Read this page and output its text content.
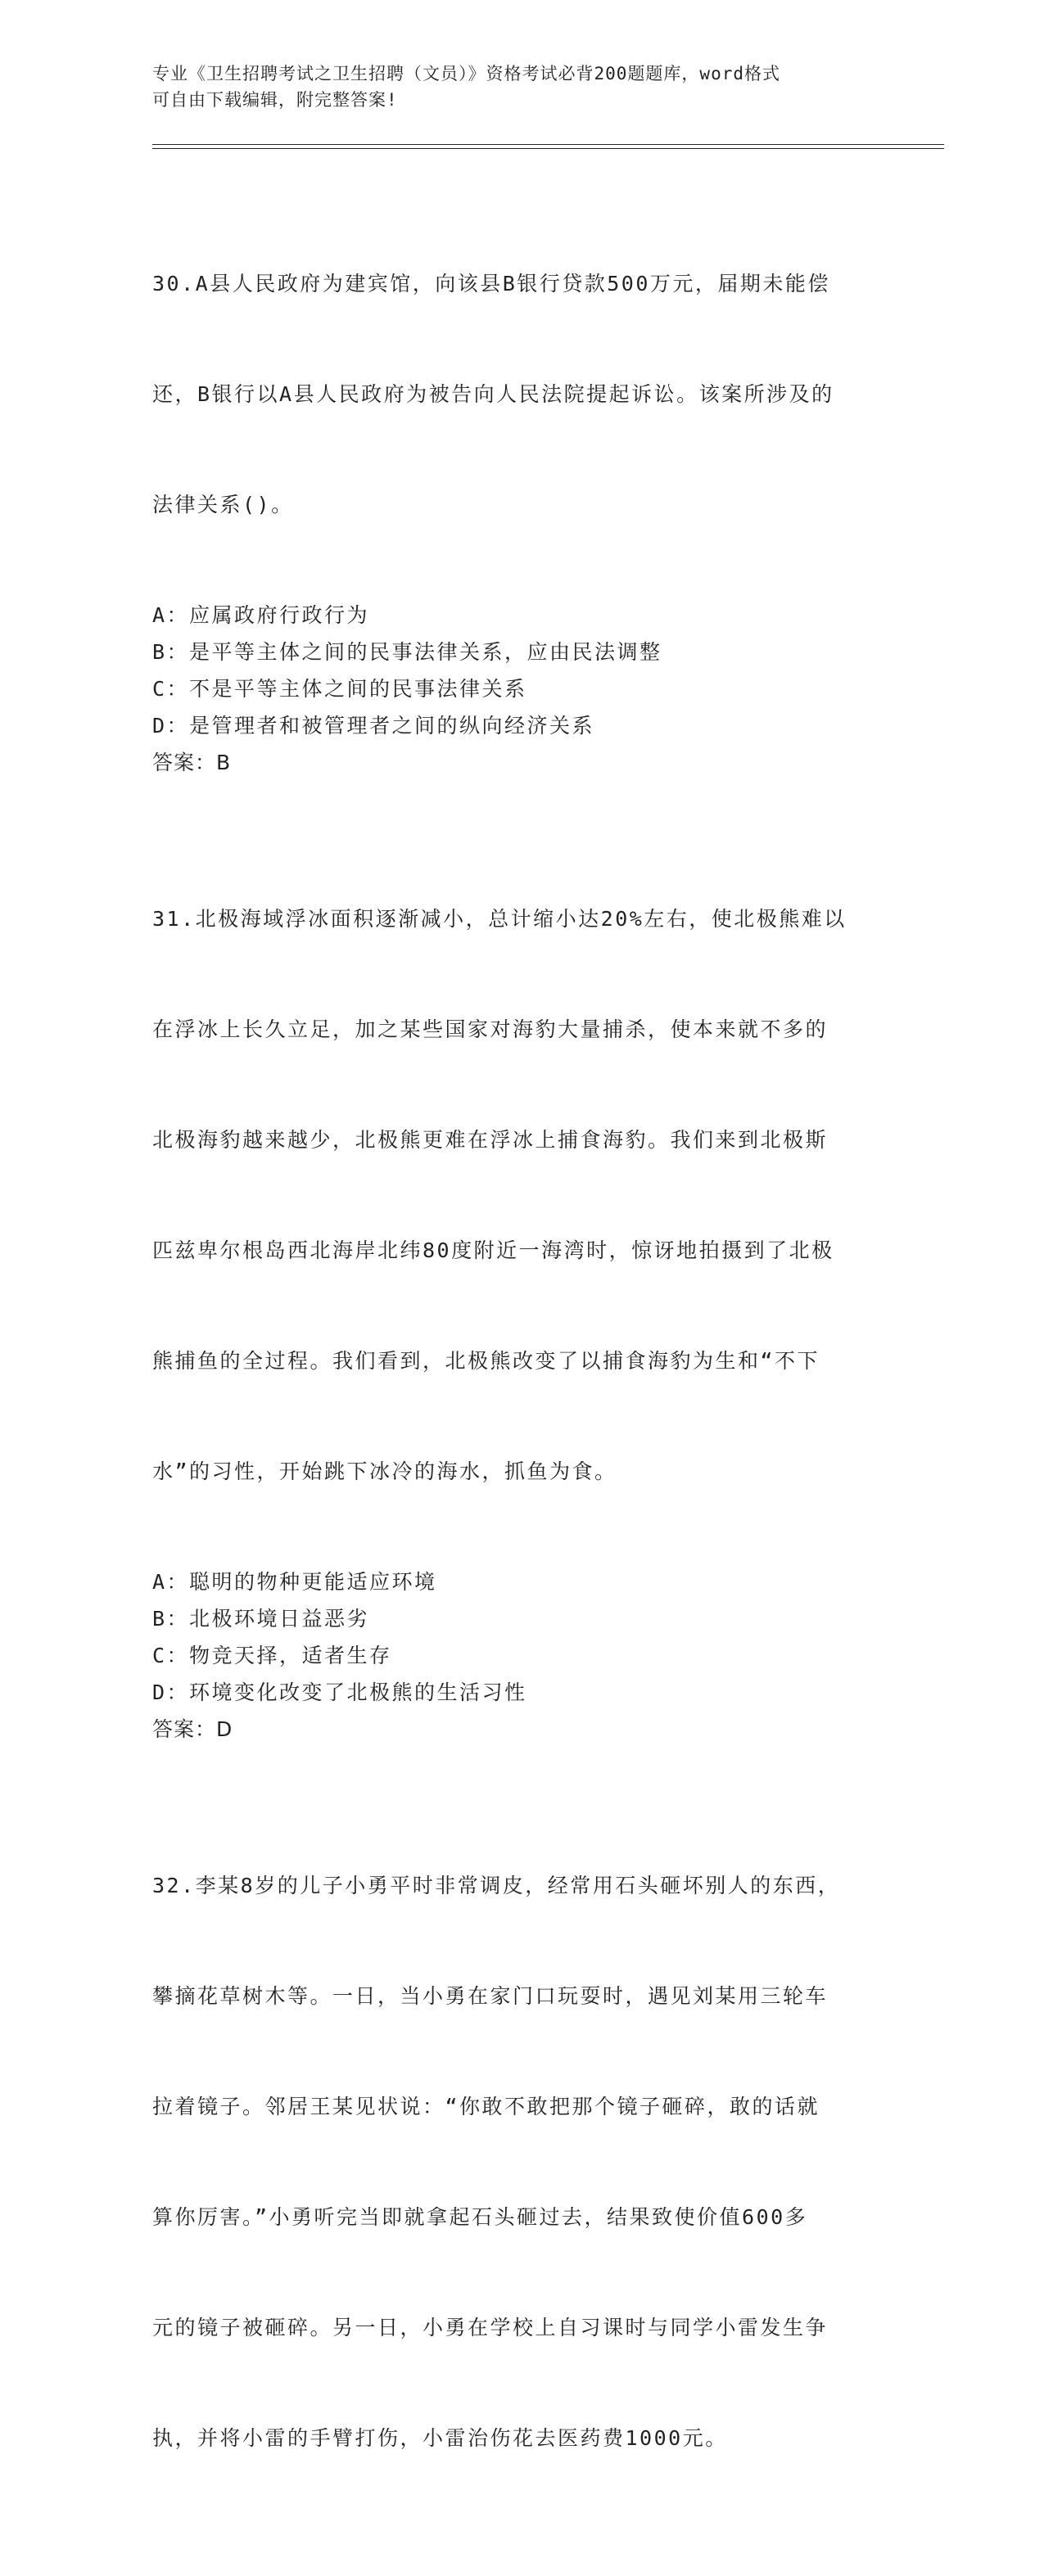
专业《卫生招聘考试之卫生招聘（文员）》资格考试必背200题题库，word格式
可自由下载编辑，附完整答案!

30.A县人民政府为建宾馆，向该县B银行贷款500万元，届期未能偿

还，B银行以A县人民政府为被告向人民法院提起诉讼。该案所涉及的

法律关系()。

A：应属政府行政行为
B：是平等主体之间的民事法律关系，应由民法调整
C：不是平等主体之间的民事法律关系
D：是管理者和被管理者之间的纵向经济关系
答案：B

31.北极海域浮冰面积逐渐减小，总计缩小达20%左右，使北极熊难以

在浮冰上长久立足，加之某些国家对海豹大量捕杀，使本来就不多的

北极海豹越来越少，北极熊更难在浮冰上捕食海豹。我们来到北极斯

匹兹卑尔根岛西北海岸北纬80度附近一海湾时，惊讶地拍摄到了北极

熊捕鱼的全过程。我们看到，北极熊改变了以捕食海豹为生和“不下

水”的习性，开始跳下冰冷的海水，抓鱼为食。

A：聪明的物种更能适应环境
B：北极环境日益恶劣
C：物竞天择，适者生存
D：环境变化改变了北极熊的生活习性
答案：D

32.李某8岁的儿子小勇平时非常调皮，经常用石头砸坏别人的东西，

攀摘花草树木等。一日，当小勇在家门口玩耍时，遇见刘某用三轮车

拉着镜子。邻居王某见状说：“你敢不敢把那个镜子砸碎，敢的话就

算你厉害。”小勇听完当即就拿起石头砸过去，结果致使价值600多

元的镜子被砸碎。另一日，小勇在学校上自习课时与同学小雷发生争

执，并将小雷的手臂打伤，小雷治伤花去医药费1000元。
